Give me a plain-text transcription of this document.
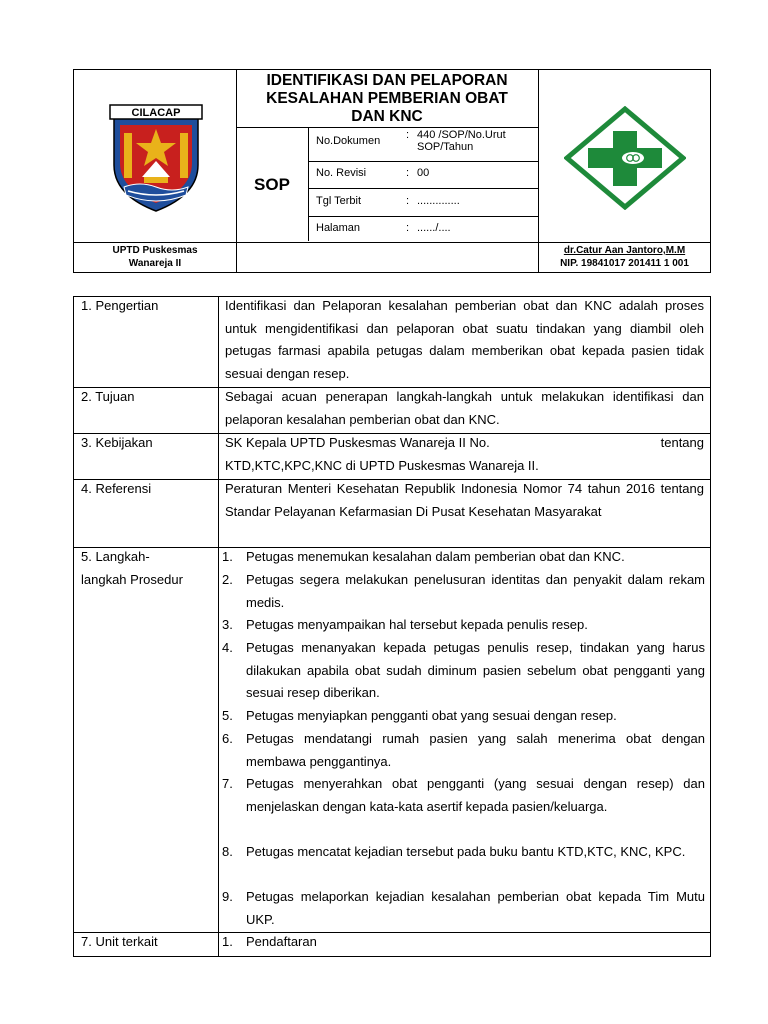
CILACAP
IDENTIFIKASI DAN PELAPORAN
KESALAHAN PEMBERIAN OBAT
DAN KNC
SOP
No.Dokumen : 440 /SOP/No.Urut SOP/Tahun
No. Revisi	: 00
Tgl Terbit	: ..............
Halaman	: ....../....
UPTD Puskesmas
Wanareja II
dr.Catur Aan Jantoro,M.M
NIP. 19841017 201411 1 001
1. Pengertian	Identifikasi dan Pelaporan kesalahan pemberian obat dan KNC adalah proses untuk mengidentifikasi dan pelaporan obat suatu tindakan yang diambil oleh petugas farmasi apabila petugas dalam memberikan obat kepada pasien tidak sesuai dengan resep.
2. Tujuan	Sebagai acuan penerapan langkah-langkah untuk melakukan identifikasi dan pelaporan kesalahan pemberian obat dan KNC.
3. Kebijakan	SK Kepala UPTD Puskesmas Wanareja II No.	tentang
KTD,KTC,KPC,KNC di UPTD Puskesmas Wanareja II.
4. Referensi	Peraturan Menteri Kesehatan Republik Indonesia Nomor 74 tahun 2016 tentang Standar Pelayanan Kefarmasian Di Pusat Kesehatan Masyarakat
5. Langkah-
langkah Prosedur
1.	Petugas menemukan kesalahan dalam pemberian obat dan KNC.
2.	Petugas segera melakukan penelusuran identitas dan penyakit dalam rekam medis.
3.	Petugas menyampaikan hal tersebut kepada penulis resep.
4.	Petugas menanyakan kepada petugas penulis resep, tindakan yang harus dilakukan apabila obat sudah diminum pasien sebelum obat pengganti yang sesuai resep diberikan.
5.	Petugas menyiapkan pengganti obat yang sesuai dengan resep.
6.	Petugas mendatangi rumah pasien yang salah menerima obat dengan membawa penggantinya.
7.	Petugas menyerahkan obat pengganti (yang sesuai dengan resep) dan menjelaskan dengan kata-kata asertif kepada pasien/keluarga.
8.	Petugas mencatat kejadian tersebut pada buku bantu KTD,KTC, KNC, KPC.
9.	Petugas melaporkan kejadian kesalahan pemberian obat kepada Tim Mutu UKP.
7. Unit terkait	1.	Pendaftaran
